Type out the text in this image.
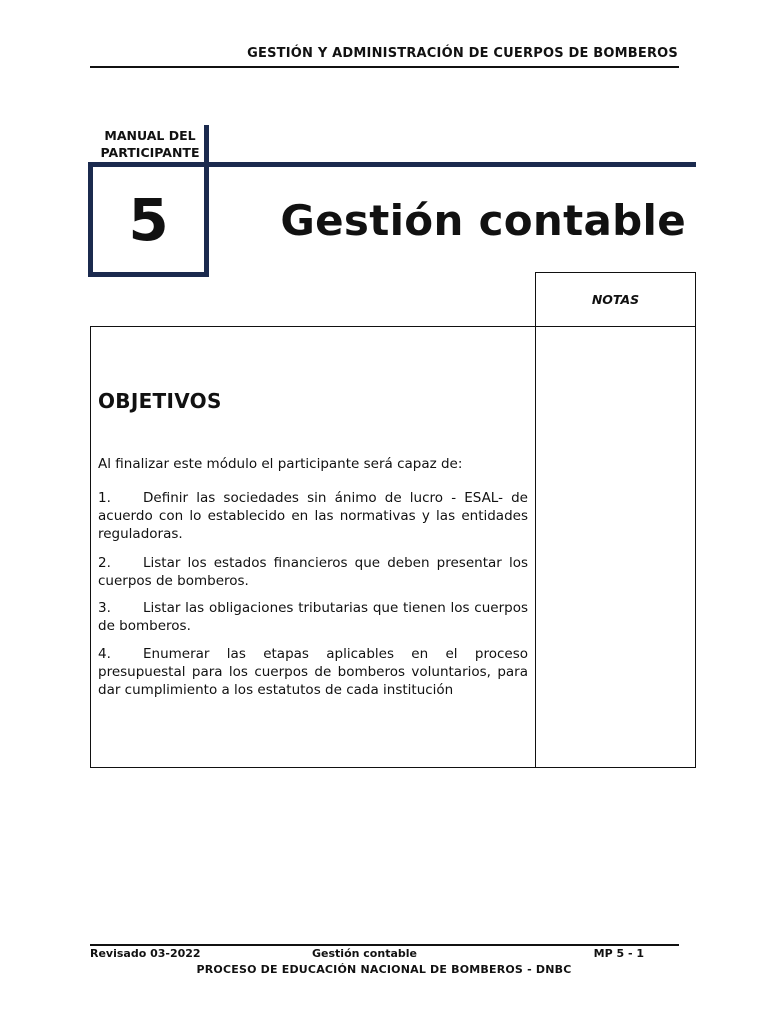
GESTIÓN Y ADMINISTRACIÓN DE CUERPOS DE BOMBEROS
MANUAL DEL
PARTICIPANTE
5	Gestión contable
NOTAS
OBJETIVOS
Al finalizar este módulo el participante será capaz de:
1. Definir las sociedades sin ánimo de lucro - ESAL- de acuerdo con lo establecido en las normativas y las entidades reguladoras.
2. Listar los estados financieros que deben presentar los cuerpos de bomberos.
3. Listar las obligaciones tributarias que tienen los cuerpos de bomberos.
4. Enumerar las etapas aplicables en el proceso presupuestal para los cuerpos de bomberos voluntarios, para dar cumplimiento a los estatutos de cada institución
Revisado 03-2022	Gestión contable	MP 5 - 1
PROCESO DE EDUCACIÓN NACIONAL DE BOMBEROS - DNBC
